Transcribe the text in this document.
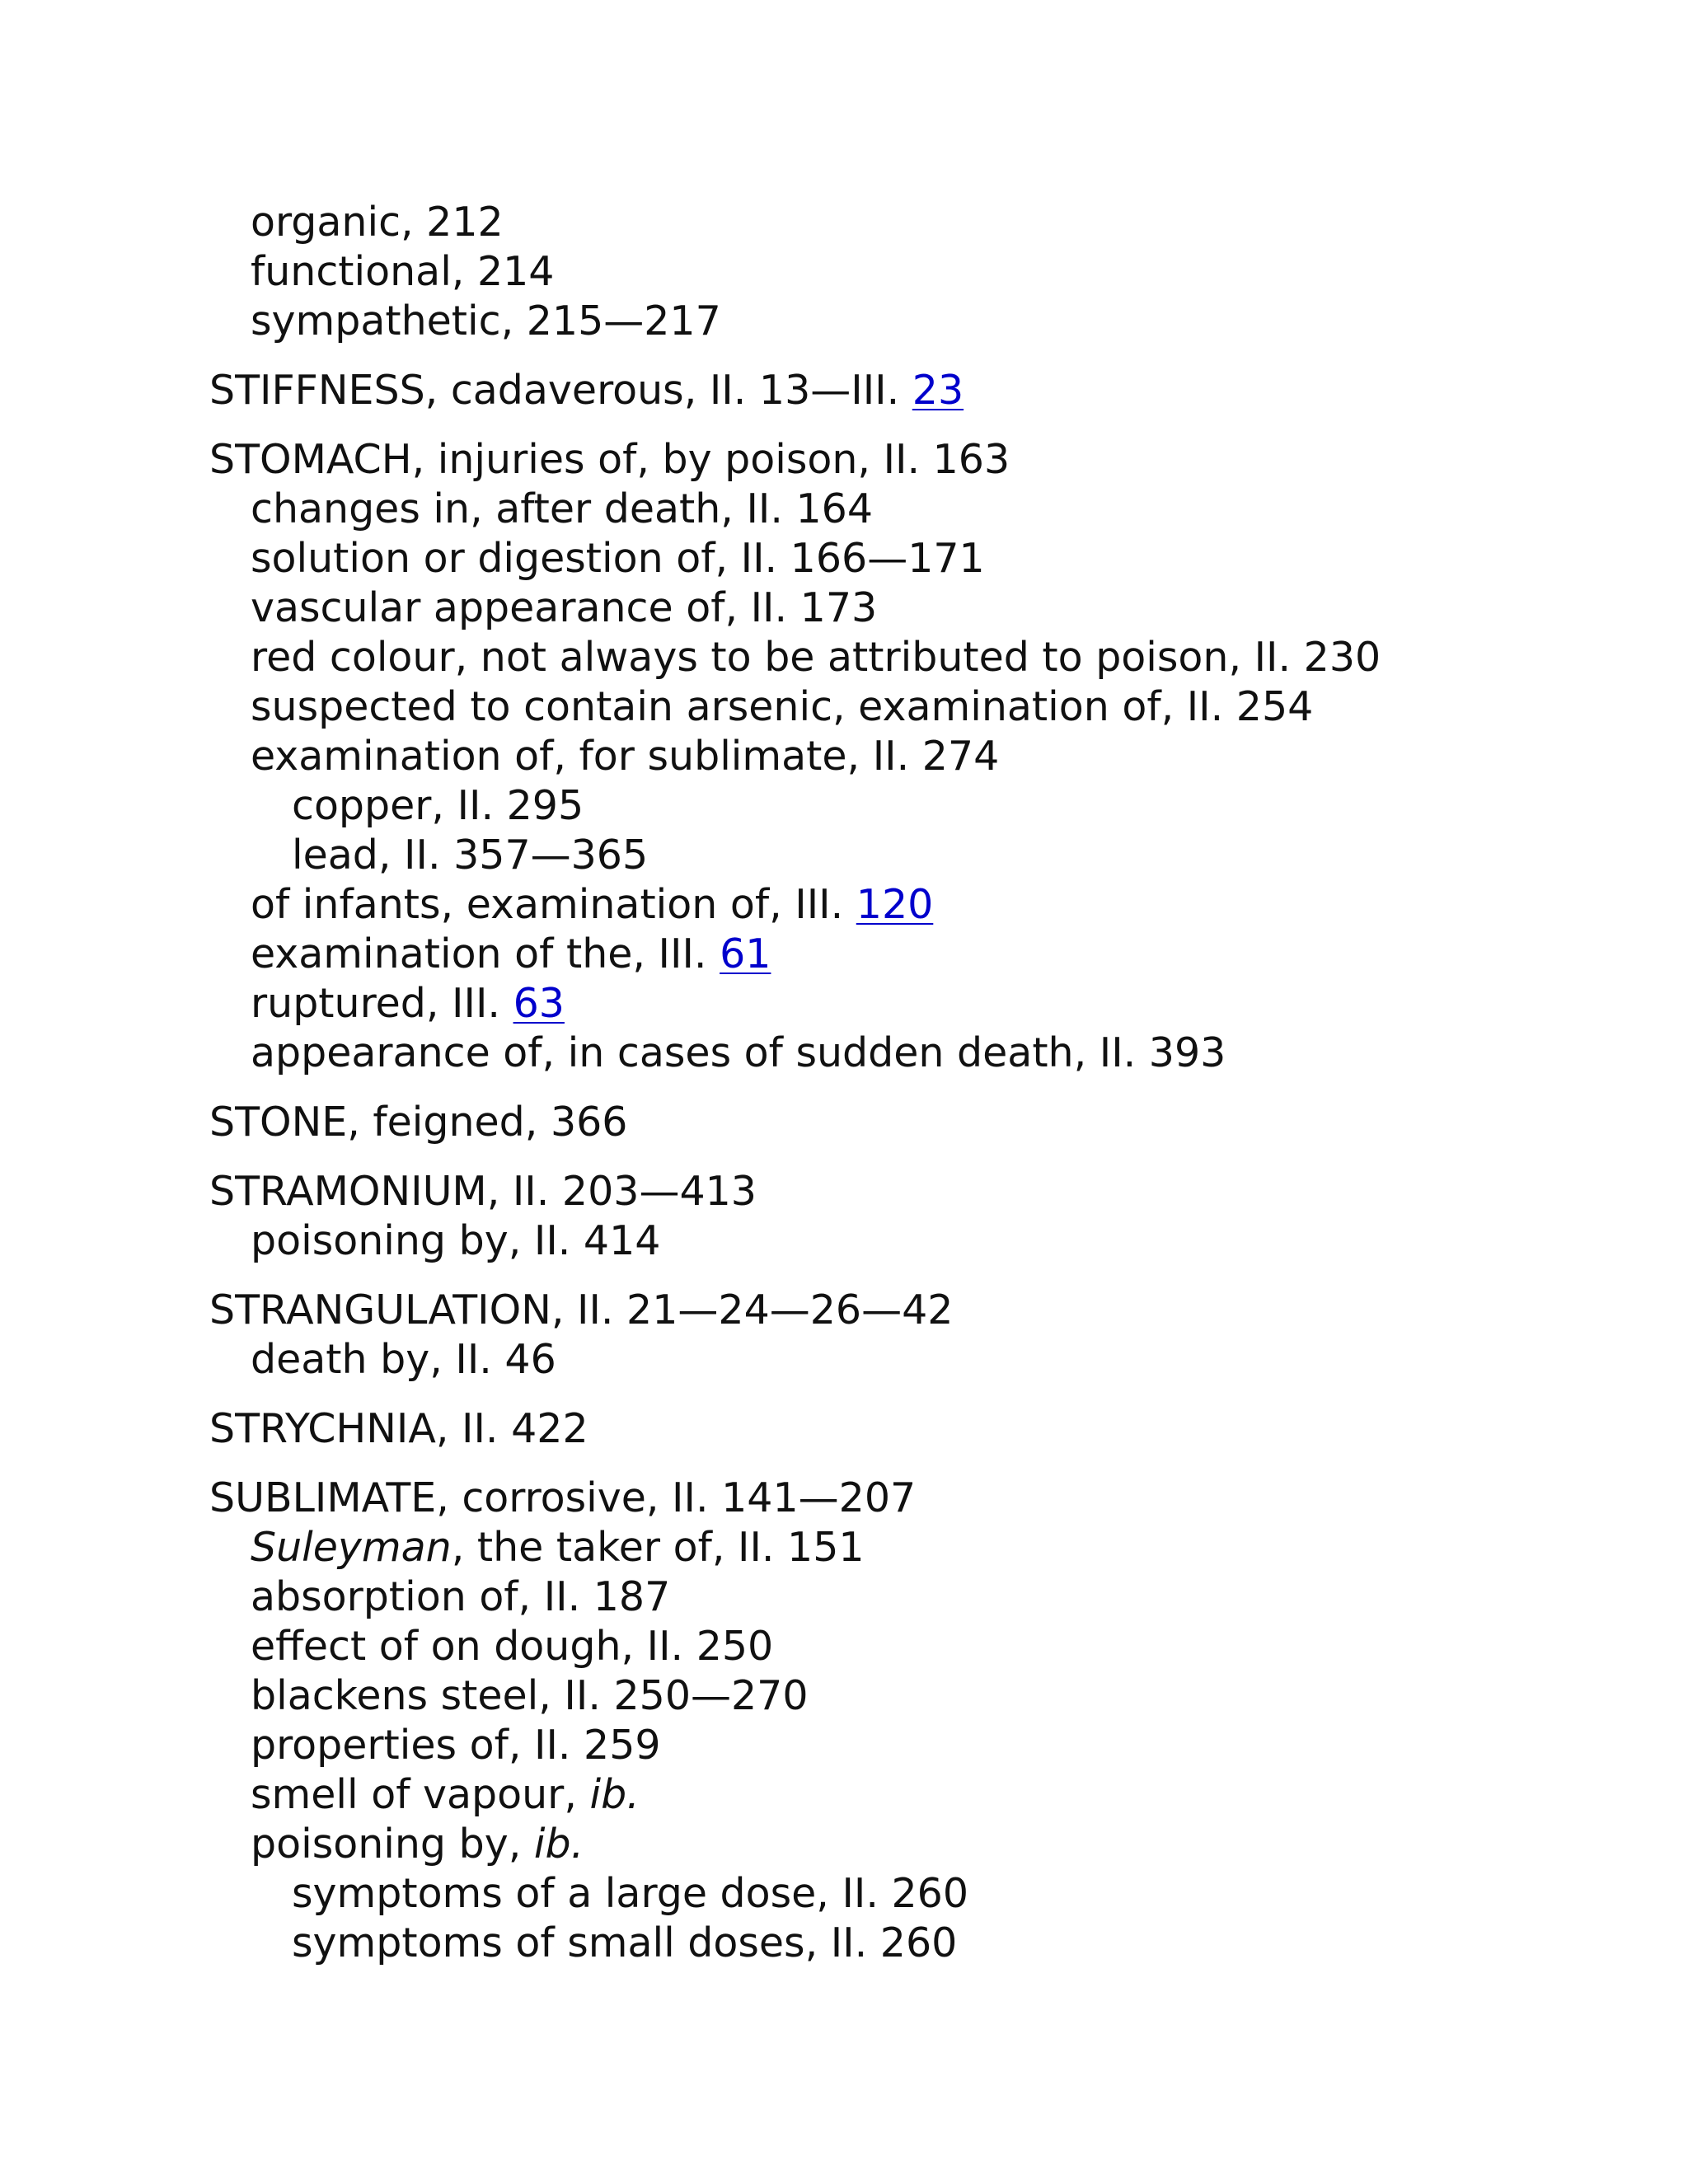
organic, 212
functional, 214
sympathetic, 215—217
STIFFNESS, cadaverous, II. 13—III. 23
STOMACH, injuries of, by poison, II. 163
changes in, after death, II. 164
solution or digestion of, II. 166—171
vascular appearance of, II. 173
red colour, not always to be attributed to poison, II. 230
suspected to contain arsenic, examination of, II. 254
examination of, for sublimate, II. 274
copper, II. 295
lead, II. 357—365
of infants, examination of, III. 120
examination of the, III. 61
ruptured, III. 63
appearance of, in cases of sudden death, II. 393
STONE, feigned, 366
STRAMONIUM, II. 203—413
poisoning by, II. 414
STRANGULATION, II. 21—24—26—42
death by, II. 46
STRYCHNIA, II. 422
SUBLIMATE, corrosive, II. 141—207
Suleyman, the taker of, II. 151
absorption of, II. 187
effect of on dough, II. 250
blackens steel, II. 250—270
properties of, II. 259
smell of vapour, ib.
poisoning by, ib.
symptoms of a large dose, II. 260
symptoms of small doses, II. 260
